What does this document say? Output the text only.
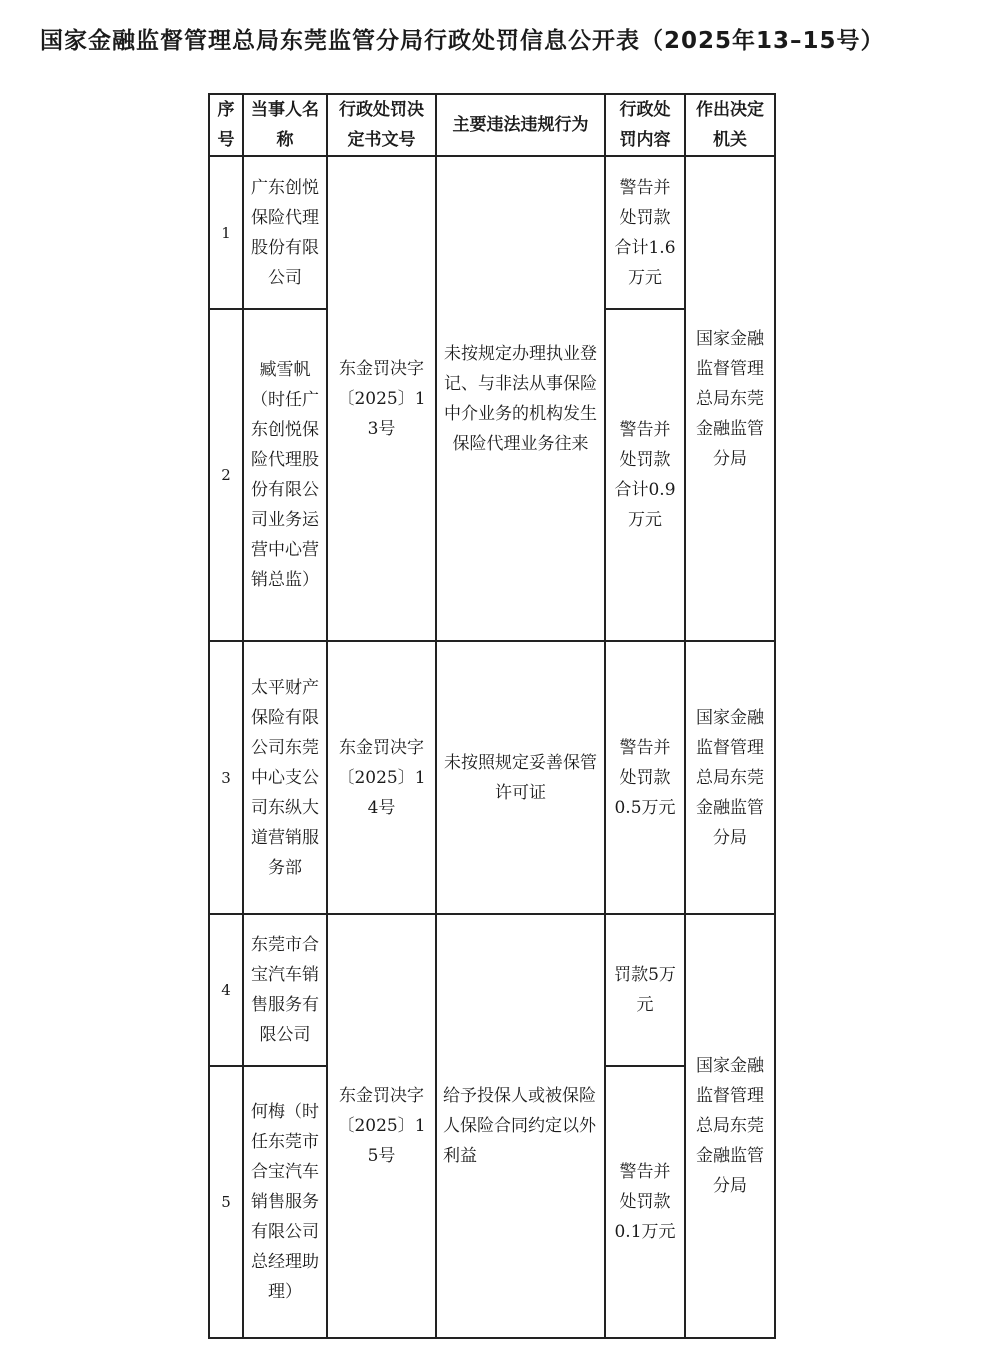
国家金融监督管理总局东莞监管分局行政处罚信息公开表（2025年13–15号）
序号	当事人名称	行政处罚决定书文号	主要违法违规行为	行政处罚内容	作出决定机关
1	广东创悦保险代理股份有限公司	东金罚决字〔2025〕13号	未按规定办理执业登记、与非法从事保险中介业务的机构发生保险代理业务往来	警告并处罚款合计1.6万元	国家金融监督管理总局东莞金融监管分局
2	臧雪帆（时任广东创悦保险代理股份有限公司业务运营中心营销总监）			警告并处罚款合计0.9万元	
3	太平财产保险有限公司东莞中心支公司东纵大道营销服务部	东金罚决字〔2025〕14号	未按照规定妥善保管许可证	警告并处罚款0.5万元	国家金融监督管理总局东莞金融监管分局
4	东莞市合宝汽车销售服务有限公司	东金罚决字〔2025〕15号	给予投保人或被保险人保险合同约定以外利益	罚款5万元	国家金融监督管理总局东莞金融监管分局
5	何梅（时任东莞市合宝汽车销售服务有限公司总经理助理）			警告并处罚款0.1万元	
